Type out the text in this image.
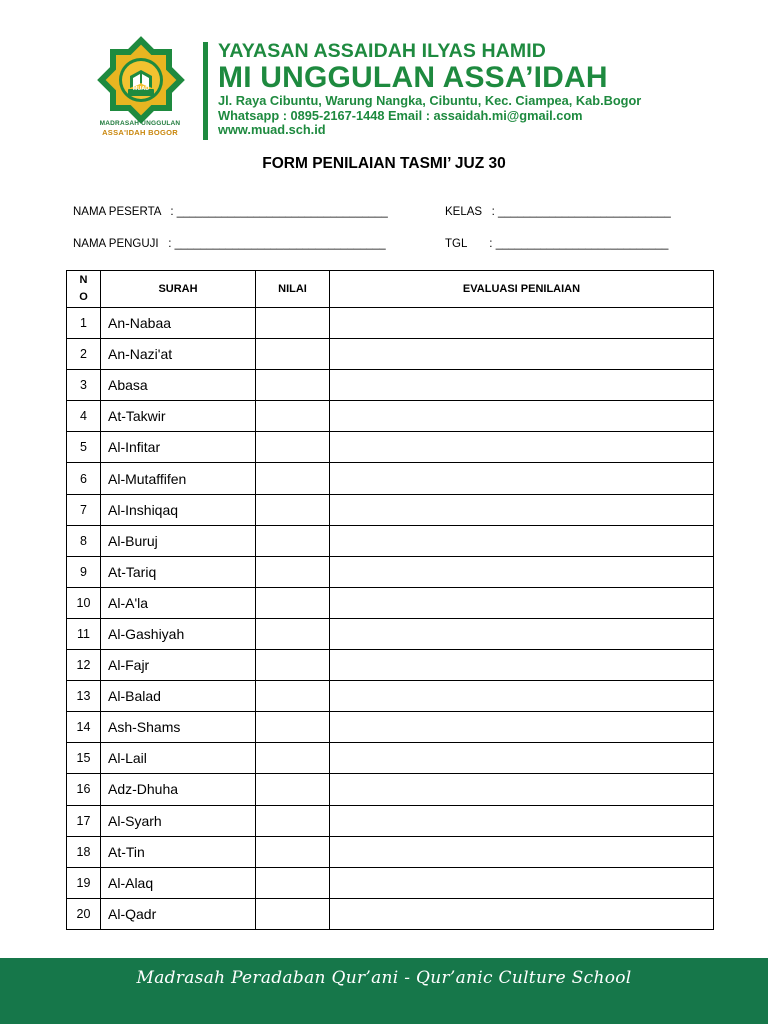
MUAD
MADRASAH UNGGULAN
ASSA'IDAH BOGOR
YAYASAN ASSAIDAH ILYAS HAMID
MI UNGGULAN ASSA’IDAH
Jl. Raya Cibuntu, Warung Nangka, Cibuntu, Kec. Ciampea, Kab.Bogor
Whatsapp : 0895-2167-1448 Email : assaidah.mi@gmail.com
www.muad.sch.id
FORM PENILAIAN TASMI’ JUZ 30
NAMA PESERTA   : _________________________________	KELAS   : ___________________________
NAMA PENGUJI   : _________________________________	TGL       : ___________________________
N
O	SURAH	NILAI	EVALUASI PENILAIAN
1	An-Nabaa		
2	An-Nazi'at		
3	Abasa		
4	At-Takwir		
5	Al-Infitar		
6	Al-Mutaffifen		
7	Al-Inshiqaq		
8	Al-Buruj		
9	At-Tariq		
10	Al-A'la		
11	Al-Gashiyah		
12	Al-Fajr		
13	Al-Balad		
14	Ash-Shams		
15	Al-Lail		
16	Adz-Dhuha		
17	Al-Syarh		
18	At-Tin		
19	Al-Alaq		
20	Al-Qadr		
Madrasah Peradaban Qur’ani - Qur’anic Culture School
